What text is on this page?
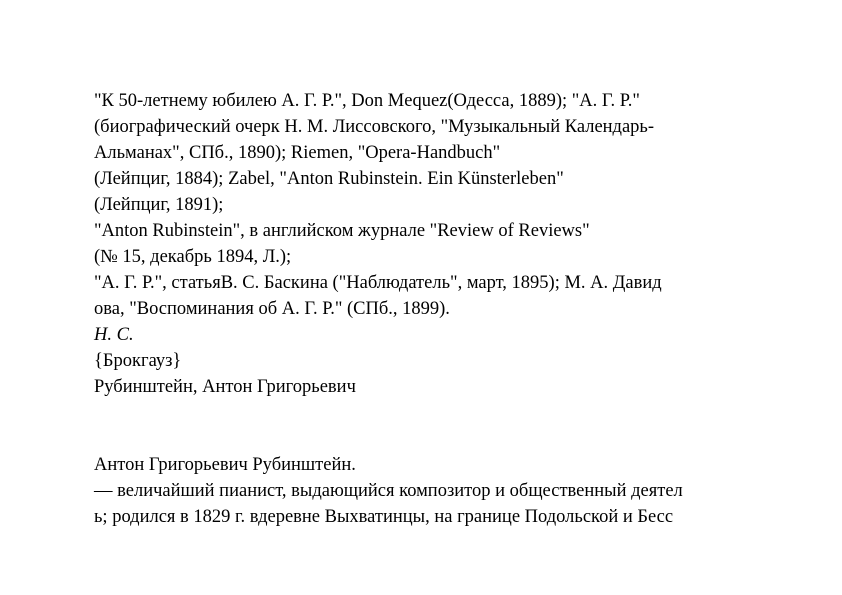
"К 50-летнему юбилею А. Г. Р.", Don Mequez(Одесса, 1889); "А. Г. Р."
(биографический очерк Н. М. Лиссовского, "Музыкальный Календарь-
Альманах", СПб., 1890); Riemen, "Opera-Handbuch"
(Лейпциг, 1884); Zabel, "Anton Rubinstein. Ein Künsterleben"
(Лейпциг, 1891);
"Anton Rubinstein", в английском журнале "Review of Reviews"
(№ 15, декабрь 1894, Л.);
"А. Г. Р.", статьяВ. С. Баскина ("Наблюдатель", март, 1895); М. А. Давид
ова, "Воспоминания об А. Г. Р." (СПб., 1899).
Н. С.
{Брокгауз}
Рубинштейн, Антон Григорьевич
Антон Григорьевич Рубинштейн.
— величайший пианист, выдающийся композитор и общественный деятел
ь; родился в 1829 г. вдеревне Выхватинцы, на границе Подольской и Бесс
